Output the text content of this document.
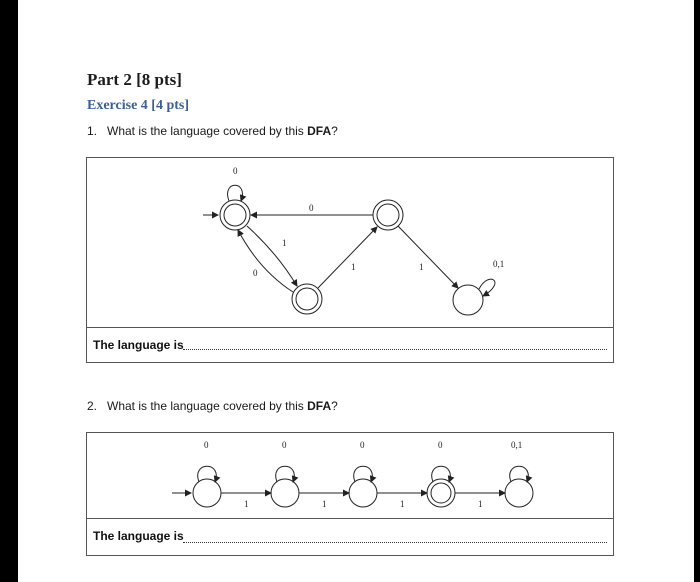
Part 2 [8 pts]
Exercise 4 [4 pts]
1. What is the language covered by this DFA?
0
0
1
0
1	1	0,1
The language is
2. What is the language covered by this DFA?
0	0	0	0	0,1
1	1	1	1
The language is
